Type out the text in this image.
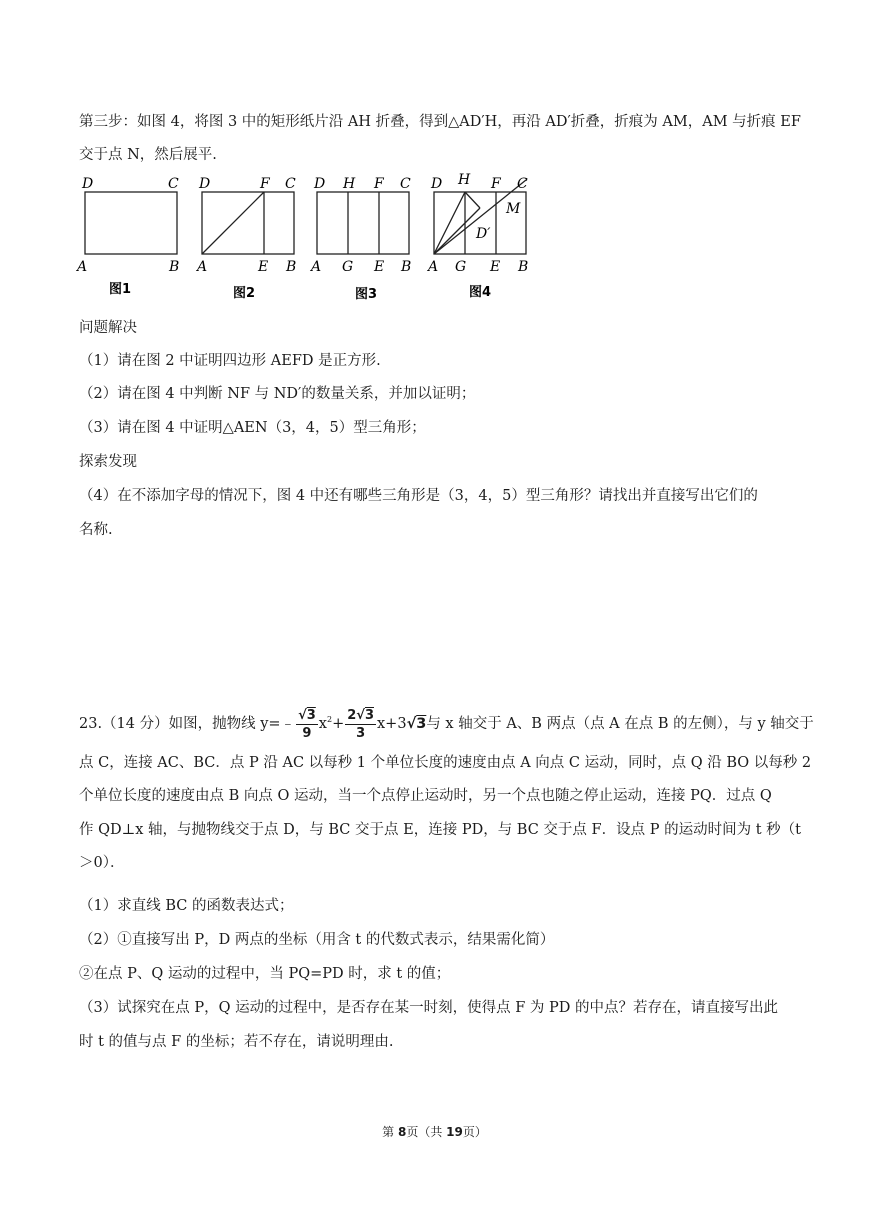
第三步：如图 4，将图 3 中的矩形纸片沿 AH 折叠，得到△AD′H，再沿 AD′折叠，折痕为 AM，AM 与折痕 EF
交于点 N，然后展平.
D	C
A	B
图1
D	F C
A	E B
图2
D H F C
A G E B
图3
D H F C
M
D′
A G E B
图4
问题解决
（1）请在图 2 中证明四边形 AEFD 是正方形.
（2）请在图 4 中判断 NF 与 ND′的数量关系，并加以证明；
（3）请在图 4 中证明△AEN（3，4，5）型三角形；
探索发现
（4）在不添加字母的情况下，图 4 中还有哪些三角形是（3，4，5）型三角形？请找出并直接写出它们的
名称.
23.（14 分）如图，抛物线 y=﹣ $\frac{√3}{9} x^2+ \frac{2√3}{3} x+3√3$与 x 轴交于 A、B 两点（点 A 在点 B 的左侧），与 y 轴交于
点 C，连接 AC、BC．点 P 沿 AC 以每秒 1 个单位长度的速度由点 A 向点 C 运动，同时，点 Q 沿 BO 以每秒 2
个单位长度的速度由点 B 向点 O 运动，当一个点停止运动时，另一个点也随之停止运动，连接 PQ．过点 Q
作 QD⊥x 轴，与抛物线交于点 D，与 BC 交于点 E，连接 PD，与 BC 交于点 F．设点 P 的运动时间为 t 秒（t
＞0）．
（1）求直线 BC 的函数表达式；
（2）①直接写出 P，D 两点的坐标（用含 t 的代数式表示，结果需化简）
②在点 P、Q 运动的过程中，当 PQ=PD 时，求 t 的值；
（3）试探究在点 P，Q 运动的过程中，是否存在某一时刻，使得点 F 为 PD 的中点？若存在，请直接写出此
时 t 的值与点 F 的坐标；若不存在，请说明理由.
第 8页（共 19页）
